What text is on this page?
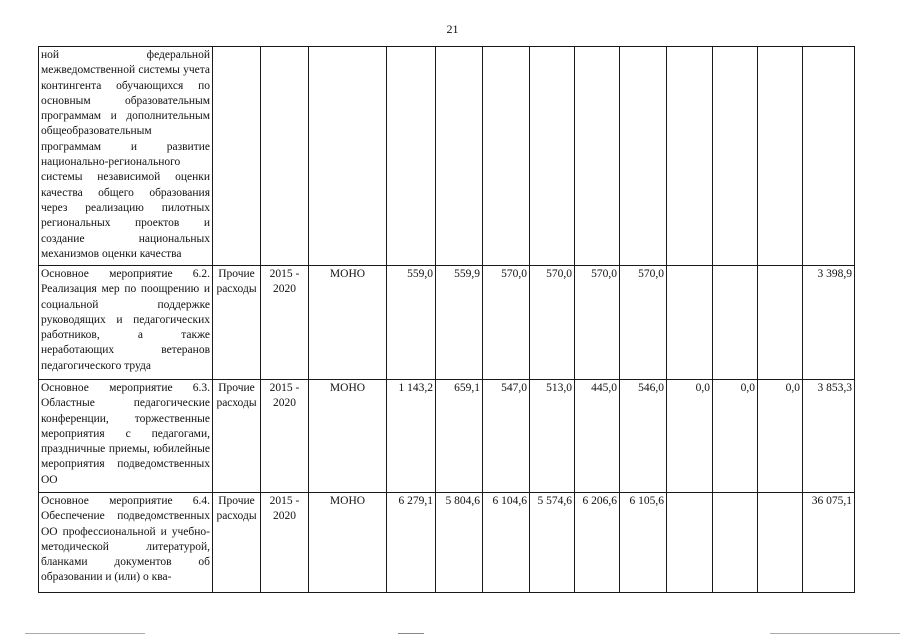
21
ной федеральной межведомственной системы учета контингента обучающихся по основным образовательным программам и дополнительным общеобразовательным программам и развитие национально-регионального системы независимой оценки качества общего образования через реализацию пилотных региональных проектов и создание национальных механизмов оценки качества													
Основное мероприятие 6.2. Реализация мер по поощрению и социальной поддержке руководящих и педагогических работников, а также неработающих ветеранов педагогического труда	Прочие расходы	2015 - 2020	МОНО	559,0	559,9	570,0	570,0	570,0	570,0				3 398,9
Основное мероприятие 6.3. Областные педагогические конференции, торжественные мероприятия с педагогами, праздничные приемы, юбилейные мероприятия подведомственных ОО	Прочие расходы	2015 - 2020	МОНО	1 143,2	659,1	547,0	513,0	445,0	546,0	0,0	0,0	0,0	3 853,3
Основное мероприятие 6.4. Обеспечение подведомственных ОО профессиональной и учебно-методической литературой, бланками документов об образовании и (или) о ква-	Прочие расходы	2015 - 2020	МОНО	6 279,1	5 804,6	6 104,6	5 574,6	6 206,6	6 105,6				36 075,1
